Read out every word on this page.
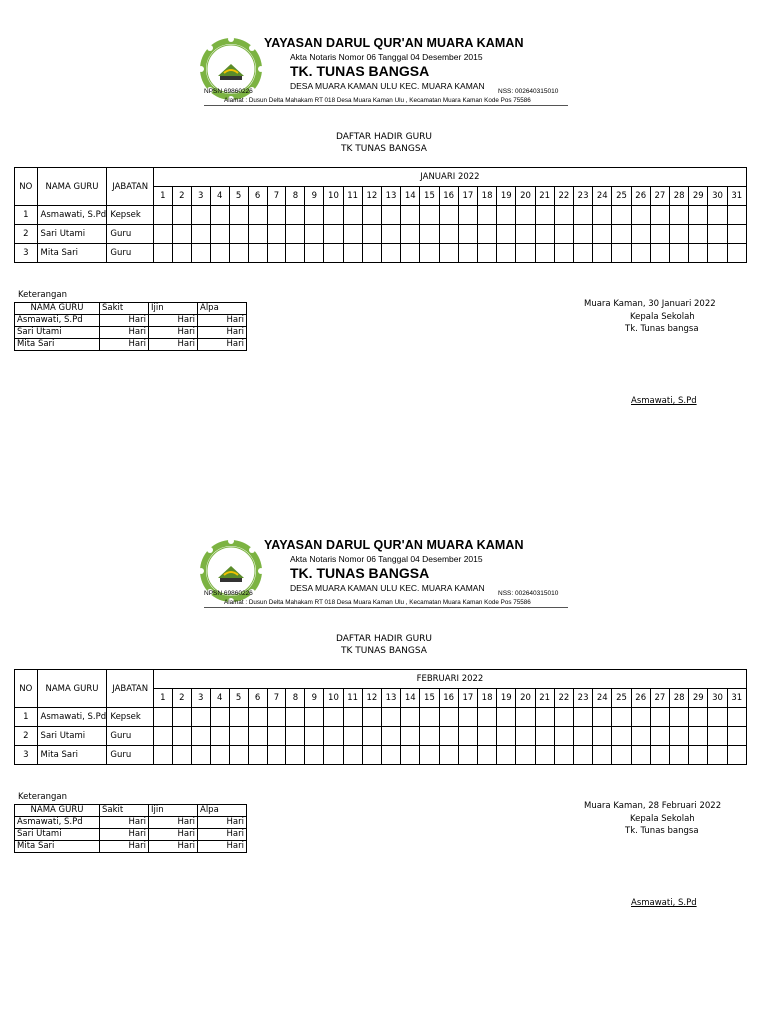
YAYASAN DARUL QUR'AN MUARA KAMAN
Akta Notaris Nomor 06 Tanggal 04 Desember 2015
TK. TUNAS BANGSA
DESA MUARA KAMAN ULU KEC. MUARA KAMAN
NPSN 69860226	NSS: 002640315010
Alamat : Dusun Delta Mahakam RT 018 Desa Muara Kaman Ulu , Kecamatan Muara Kaman Kode Pos 75586
DAFTAR HADIR GURU
TK TUNAS BANGSA
NO	NAMA GURU	JABATAN	JANUARI 2022																														
			1	2	3	4	5	6	7	8	9	10	11	12	13	14	15	16	17	18	19	20	21	22	23	24	25	26	27	28	29	30	31
1	Asmawati, S.Pd	Kepsek																															
2	Sari Utami	Guru																															
3	Mita Sari	Guru																															
Keterangan
NAMA GURU	Sakit	Ijin	Alpa
Asmawati, S.Pd	Hari	Hari	Hari
Sari Utami	Hari	Hari	Hari
Mita Sari	Hari	Hari	Hari
Muara Kaman, 30 Januari 2022
Kepala Sekolah
Tk. Tunas bangsa
Asmawati, S.Pd
YAYASAN DARUL QUR'AN MUARA KAMAN
Akta Notaris Nomor 06 Tanggal 04 Desember 2015
TK. TUNAS BANGSA
DESA MUARA KAMAN ULU KEC. MUARA KAMAN
NPSN 69860226	NSS: 002640315010
Alamat : Dusun Delta Mahakam RT 018 Desa Muara Kaman Ulu , Kecamatan Muara Kaman Kode Pos 75586
DAFTAR HADIR GURU
TK TUNAS BANGSA
NO	NAMA GURU	JABATAN	FEBRUARI 2022																														
			1	2	3	4	5	6	7	8	9	10	11	12	13	14	15	16	17	18	19	20	21	22	23	24	25	26	27	28	29	30	31
1	Asmawati, S.Pd	Kepsek																															
2	Sari Utami	Guru																															
3	Mita Sari	Guru																															
Keterangan
NAMA GURU	Sakit	Ijin	Alpa
Asmawati, S.Pd	Hari	Hari	Hari
Sari Utami	Hari	Hari	Hari
Mita Sari	Hari	Hari	Hari
Muara Kaman, 28 Februari 2022
Kepala Sekolah
Tk. Tunas bangsa
Asmawati, S.Pd
